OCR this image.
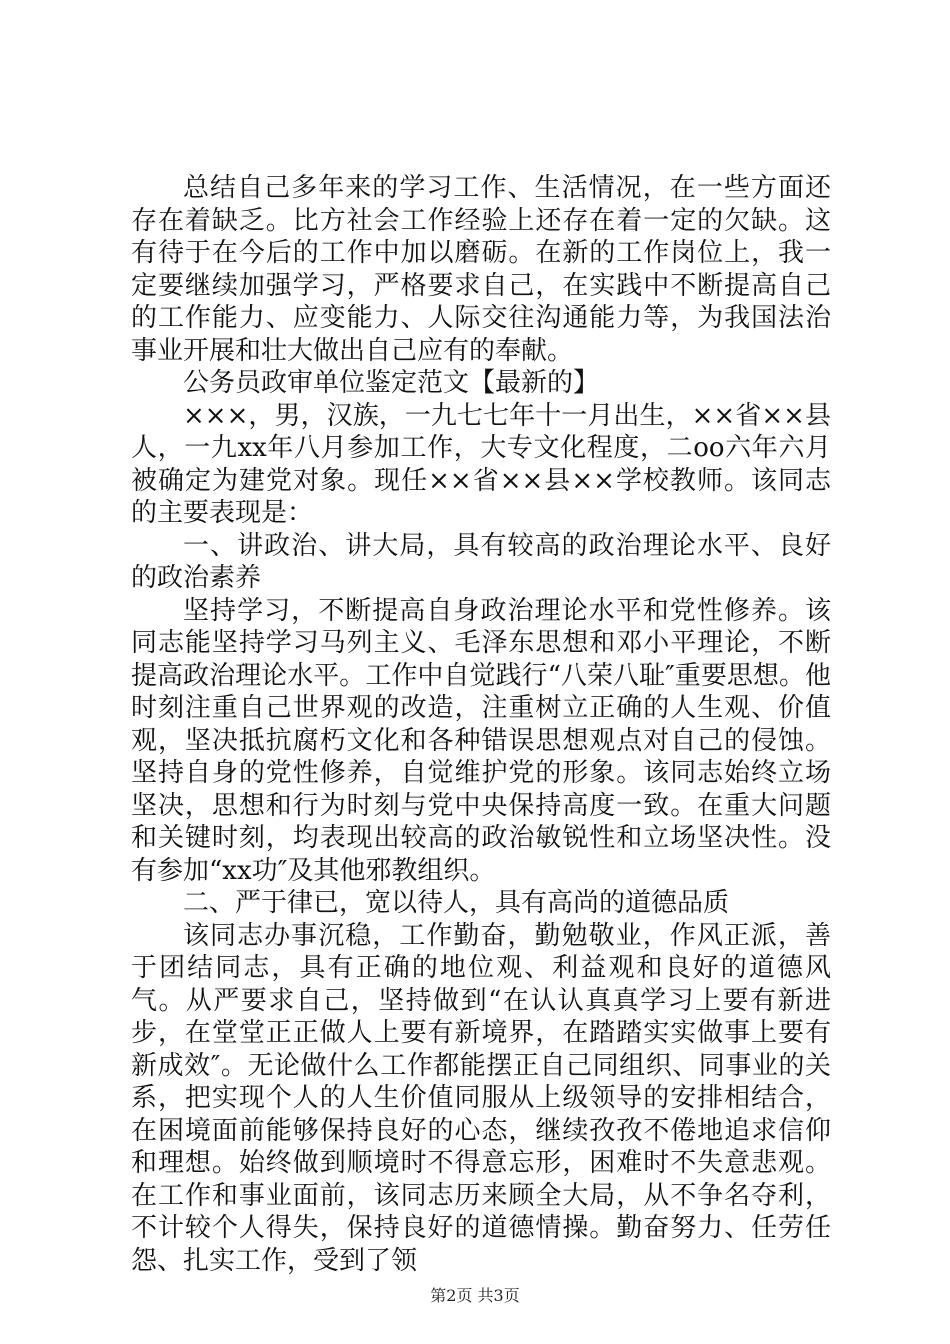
总结自己多年来的学习工作、生活情况，在一些方面还存在着缺乏。比方社会工作经验上还存在着一定的欠缺。这有待于在今后的工作中加以磨砺。在新的工作岗位上，我一定要继续加强学习，严格要求自己，在实践中不断提高自己的工作能力、应变能力、人际交往沟通能力等，为我国法治事业开展和壮大做出自己应有的奉献。

公务员政审单位鉴定范文【最新的】

×××，男，汉族，一九七七年十一月出生，××省××县人，一九xx年八月参加工作，大专文化程度，二oo六年六月被确定为建党对象。现任××省××县××学校教师。该同志的主要表现是：

一、讲政治、讲大局，具有较高的政治理论水平、良好的政治素养

坚持学习，不断提高自身政治理论水平和党性修养。该同志能坚持学习马列主义、毛泽东思想和邓小平理论，不断提高政治理论水平。工作中自觉践行“八荣八耻″重要思想。他时刻注重自己世界观的改造，注重树立正确的人生观、价值观，坚决抵抗腐朽文化和各种错误思想观点对自己的侵蚀。坚持自身的党性修养，自觉维护党的形象。该同志始终立场坚决，思想和行为时刻与党中央保持高度一致。在重大问题和关键时刻，均表现出较高的政治敏锐性和立场坚决性。没有参加“xx功″及其他邪教组织。

二、严于律已，宽以待人，具有高尚的道德品质

该同志办事沉稳，工作勤奋，勤勉敬业，作风正派，善于团结同志，具有正确的地位观、利益观和良好的道德风气。从严要求自己，坚持做到“在认认真真学习上要有新进步，在堂堂正正做人上要有新境界，在踏踏实实做事上要有新成效″。无论做什么工作都能摆正自己同组织、同事业的关系，把实现个人的人生价值同服从上级领导的安排相结合，在困境面前能够保持良好的心态，继续孜孜不倦地追求信仰和理想。始终做到顺境时不得意忘形，困难时不失意悲观。在工作和事业面前，该同志历来顾全大局，从不争名夺利，不计较个人得失，保持良好的道德情操。勤奋努力、任劳任怨、扎实工作，受到了领

第2页 共3页
